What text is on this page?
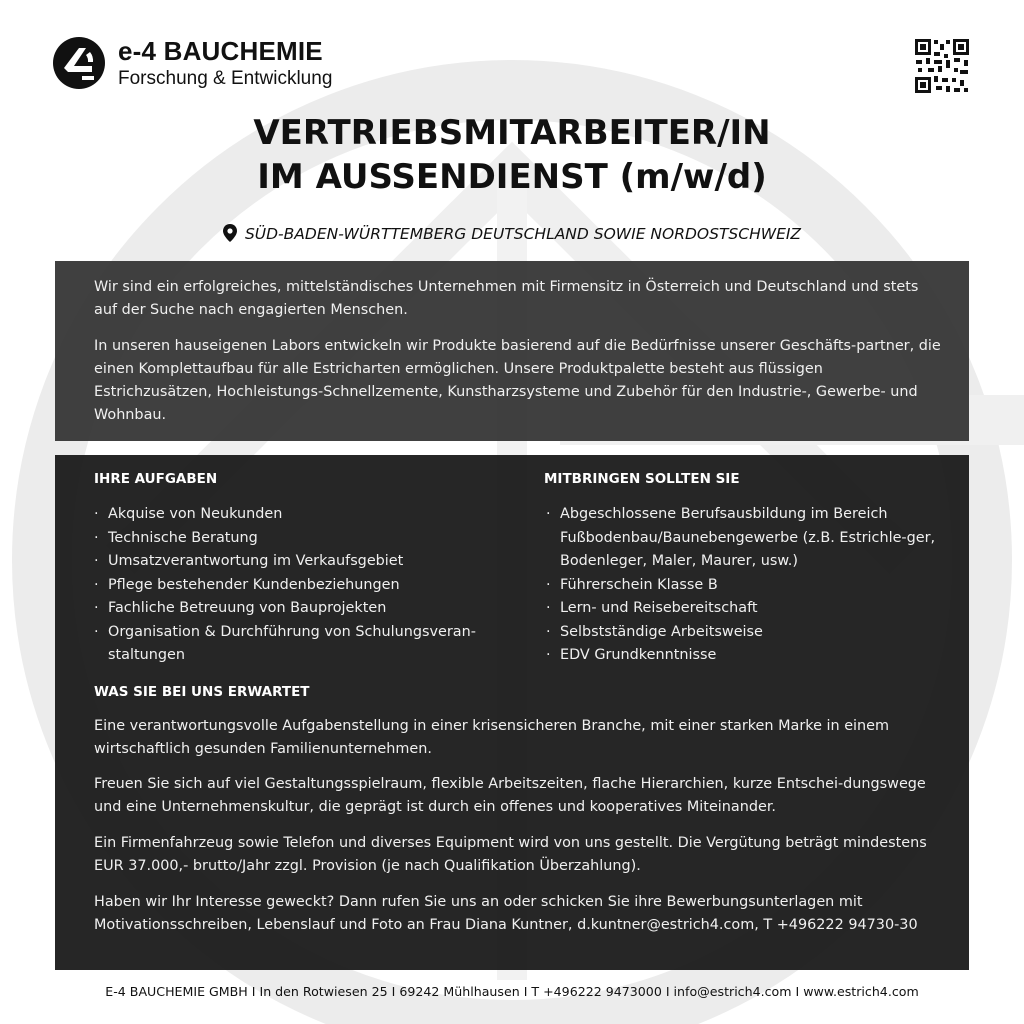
e-4 BAUCHEMIE
Forschung & Entwicklung
VERTRIEBSMITARBEITER/IN
IM AUSSENDIENST (m/w/d)
SÜD-BADEN-WÜRTTEMBERG DEUTSCHLAND SOWIE NORDOSTSCHWEIZ
Wir sind ein erfolgreiches, mittelständisches Unternehmen mit Firmensitz in Österreich und Deutschland und stets auf der Suche nach engagierten Menschen.
In unseren hauseigenen Labors entwickeln wir Produkte basierend auf die Bedürfnisse unserer Geschäfts-partner, die einen Komplettaufbau für alle Estricharten ermöglichen. Unsere Produktpalette besteht aus flüssigen Estrichzusätzen, Hochleistungs-Schnellzemente, Kunstharzsysteme und Zubehör für den Industrie-, Gewerbe- und Wohnbau.
IHRE AUFGABEN
· Akquise von Neukunden
· Technische Beratung
· Umsatzverantwortung im Verkaufsgebiet
· Pflege bestehender Kundenbeziehungen
· Fachliche Betreuung von Bauprojekten
· Organisation & Durchführung von Schulungsveran-staltungen
MITBRINGEN SOLLTEN SIE
· Abgeschlossene Berufsausbildung im Bereich Fußbodenbau/Baunebengewerbe (z.B. Estrichle-ger, Bodenleger, Maler, Maurer, usw.)
· Führerschein Klasse B
· Lern- und Reisebereitschaft
· Selbstständige Arbeitsweise
· EDV Grundkenntnisse
WAS SIE BEI UNS ERWARTET
Eine verantwortungsvolle Aufgabenstellung in einer krisensicheren Branche, mit einer starken Marke in einem wirtschaftlich gesunden Familienunternehmen.
Freuen Sie sich auf viel Gestaltungsspielraum, flexible Arbeitszeiten, flache Hierarchien, kurze Entschei-dungswege und eine Unternehmenskultur, die geprägt ist durch ein offenes und kooperatives Miteinander.
Ein Firmenfahrzeug sowie Telefon und diverses Equipment wird von uns gestellt. Die Vergütung beträgt mindestens EUR 37.000,- brutto/Jahr zzgl. Provision (je nach Qualifikation Überzahlung).
Haben wir Ihr Interesse geweckt? Dann rufen Sie uns an oder schicken Sie ihre Bewerbungsunterlagen mit Motivationsschreiben, Lebenslauf und Foto an Frau Diana Kuntner, d.kuntner@estrich4.com, T +496222 94730-30
E-4 BAUCHEMIE GMBH I In den Rotwiesen 25 I 69242 Mühlhausen I T +496222 9473000 I info@estrich4.com I www.estrich4.com
